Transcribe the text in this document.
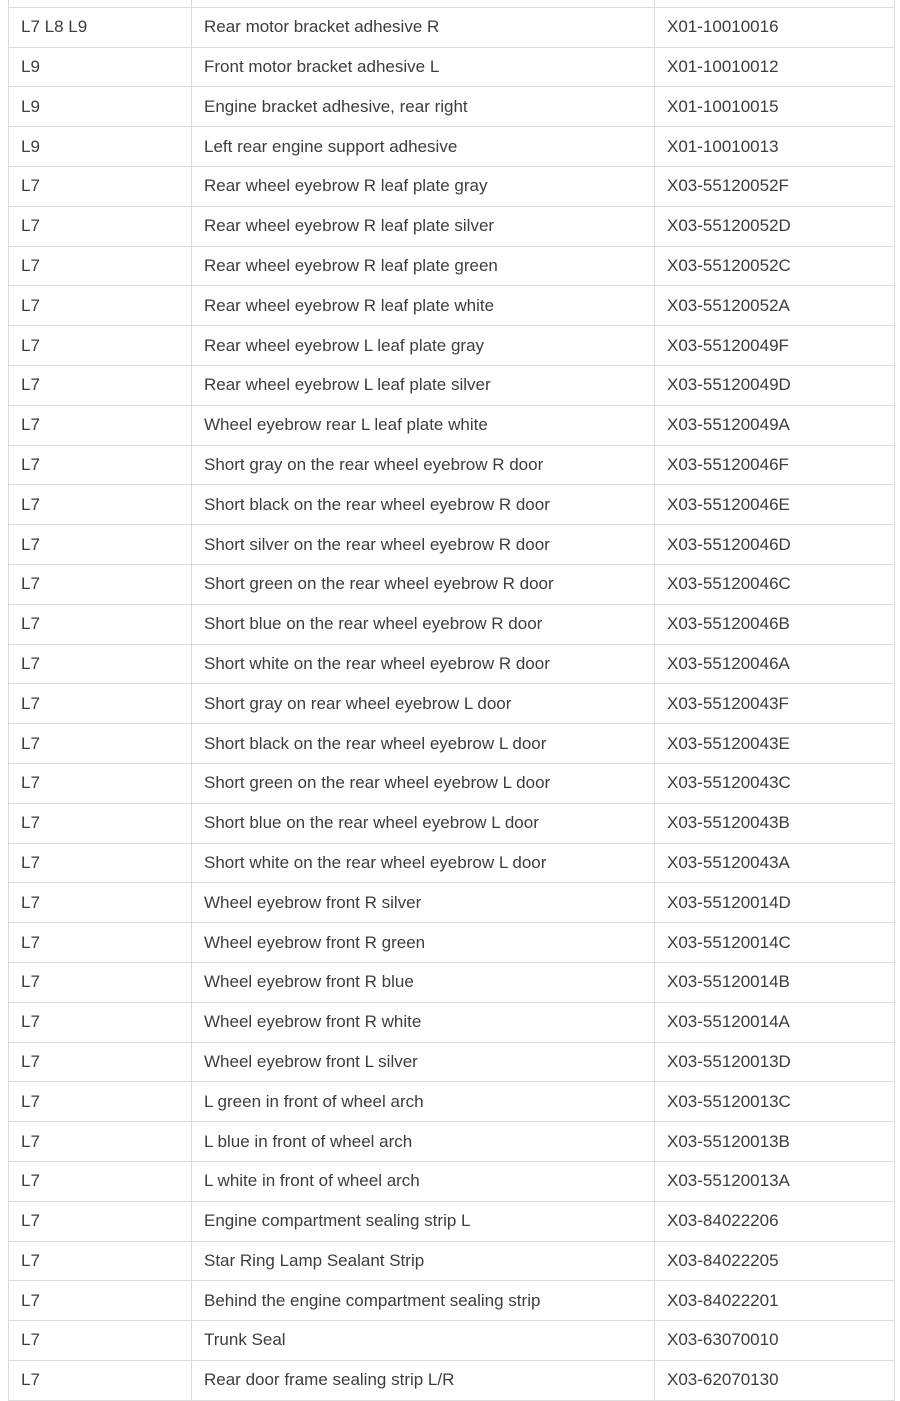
L7 L8 L9	Rear motor bracket adhesive R	X01-10010016
L9	Front motor bracket adhesive L	X01-10010012
L9	Engine bracket adhesive, rear right	X01-10010015
L9	Left rear engine support adhesive	X01-10010013
L7	Rear wheel eyebrow R leaf plate gray	X03-55120052F
L7	Rear wheel eyebrow R leaf plate silver	X03-55120052D
L7	Rear wheel eyebrow R leaf plate green	X03-55120052C
L7	Rear wheel eyebrow R leaf plate white	X03-55120052A
L7	Rear wheel eyebrow L leaf plate gray	X03-55120049F
L7	Rear wheel eyebrow L leaf plate silver	X03-55120049D
L7	Wheel eyebrow rear L leaf plate white	X03-55120049A
L7	Short gray on the rear wheel eyebrow R door	X03-55120046F
L7	Short black on the rear wheel eyebrow R door	X03-55120046E
L7	Short silver on the rear wheel eyebrow R door	X03-55120046D
L7	Short green on the rear wheel eyebrow R door	X03-55120046C
L7	Short blue on the rear wheel eyebrow R door	X03-55120046B
L7	Short white on the rear wheel eyebrow R door	X03-55120046A
L7	Short gray on rear wheel eyebrow L door	X03-55120043F
L7	Short black on the rear wheel eyebrow L door	X03-55120043E
L7	Short green on the rear wheel eyebrow L door	X03-55120043C
L7	Short blue on the rear wheel eyebrow L door	X03-55120043B
L7	Short white on the rear wheel eyebrow L door	X03-55120043A
L7	Wheel eyebrow front R silver	X03-55120014D
L7	Wheel eyebrow front R green	X03-55120014C
L7	Wheel eyebrow front R blue	X03-55120014B
L7	Wheel eyebrow front R white	X03-55120014A
L7	Wheel eyebrow front L silver	X03-55120013D
L7	L green in front of wheel arch	X03-55120013C
L7	L blue in front of wheel arch	X03-55120013B
L7	L white in front of wheel arch	X03-55120013A
L7	Engine compartment sealing strip L	X03-84022206
L7	Star Ring Lamp Sealant Strip	X03-84022205
L7	Behind the engine compartment sealing strip	X03-84022201
L7	Trunk Seal	X03-63070010
L7	Rear door frame sealing strip L/R	X03-62070130
